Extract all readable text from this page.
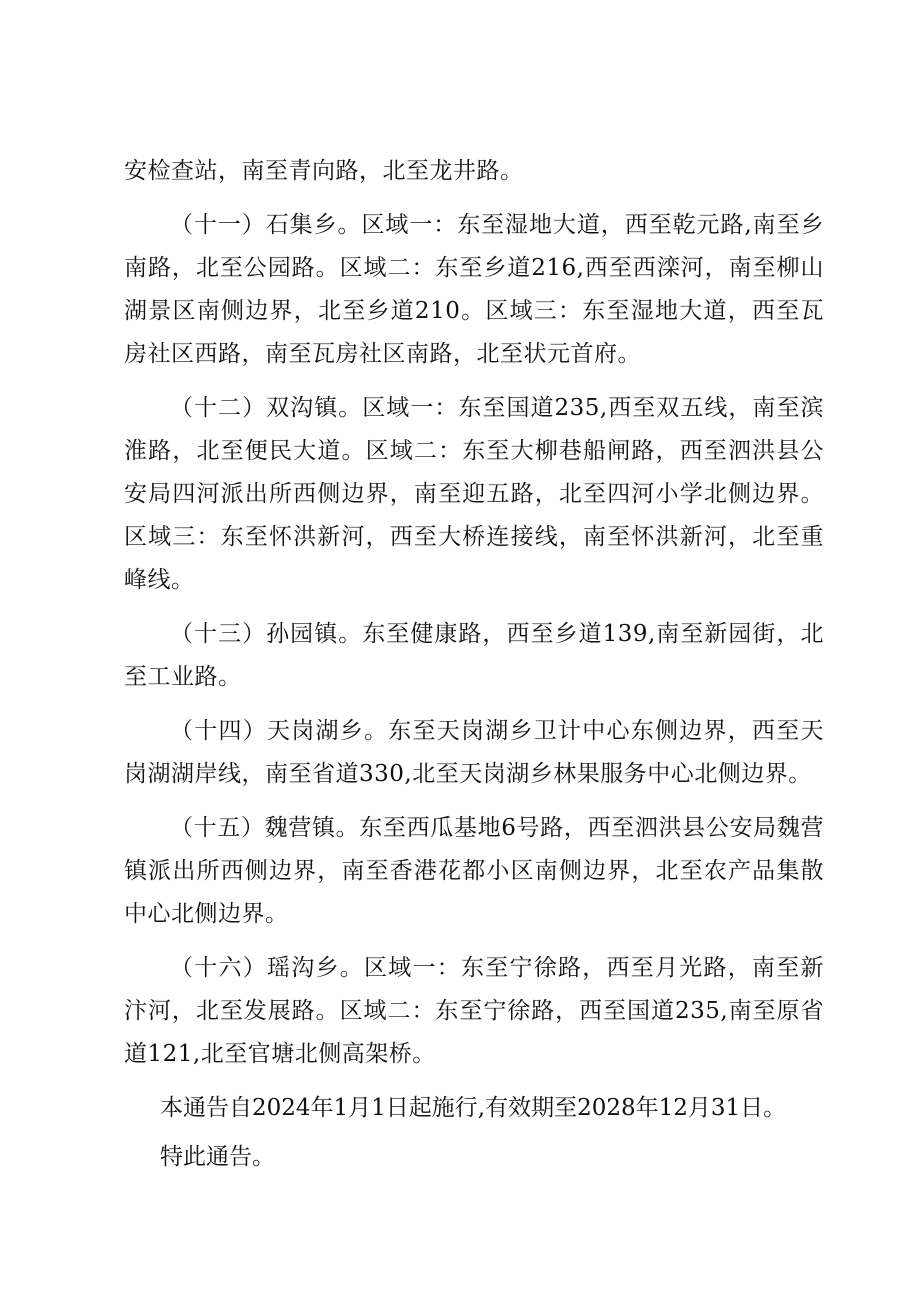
安检查站，南至青向路，北至龙井路。

（十一）石集乡。区域一：东至湿地大道，西至乾元路,南至乡南路，北至公园路。区域二：东至乡道216,西至西滦河，南至柳山湖景区南侧边界，北至乡道210。区域三：东至湿地大道，西至瓦房社区西路，南至瓦房社区南路，北至状元首府。

（十二）双沟镇。区域一：东至国道235,西至双五线，南至滨淮路，北至便民大道。区域二：东至大柳巷船闸路，西至泗洪县公安局四河派出所西侧边界，南至迎五路，北至四河小学北侧边界。区域三：东至怀洪新河，西至大桥连接线，南至怀洪新河，北至重峰线。

（十三）孙园镇。东至健康路，西至乡道139,南至新园街，北至工业路。

（十四）天岗湖乡。东至天岗湖乡卫计中心东侧边界，西至天岗湖湖岸线，南至省道330,北至天岗湖乡林果服务中心北侧边界。

（十五）魏营镇。东至西瓜基地6号路，西至泗洪县公安局魏营镇派出所西侧边界，南至香港花都小区南侧边界，北至农产品集散中心北侧边界。

（十六）瑶沟乡。区域一：东至宁徐路，西至月光路，南至新汴河，北至发展路。区域二：东至宁徐路，西至国道235,南至原省道121,北至官塘北侧高架桥。

本通告自2024年1月1日起施行,有效期至2028年12月31日。

特此通告。
